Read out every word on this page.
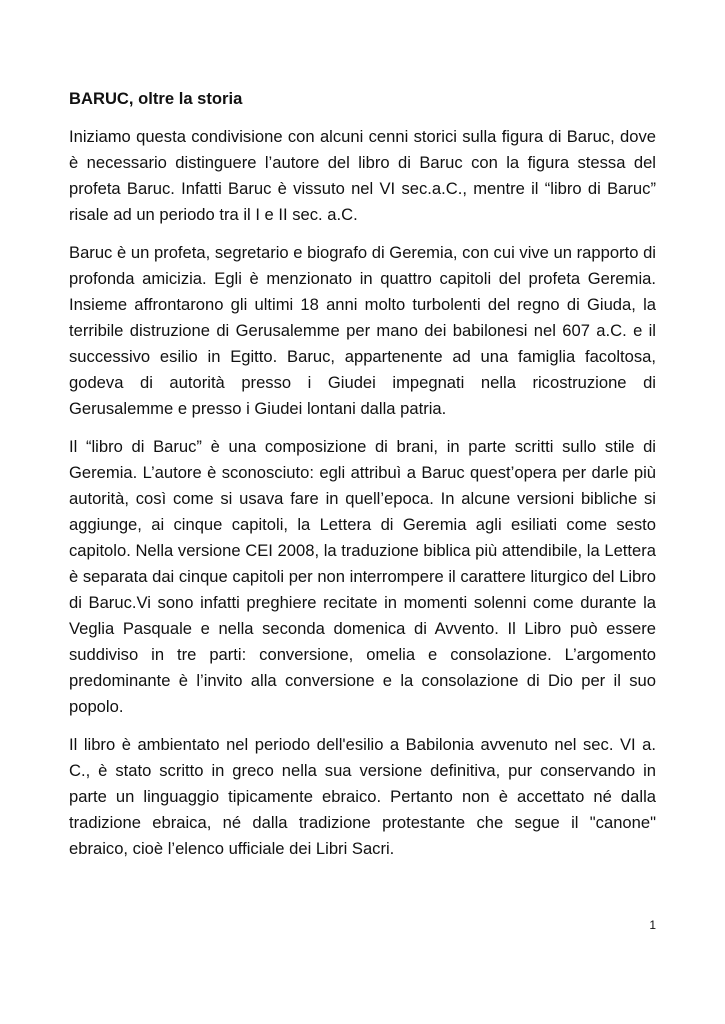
BARUC, oltre la storia

Iniziamo questa condivisione con alcuni cenni storici sulla figura di Baruc, dove è necessario distinguere l’autore del libro di Baruc con la figura stessa del profeta Baruc. Infatti Baruc è vissuto nel VI sec.a.C., mentre il “libro di Baruc” risale ad un periodo tra il I e II sec. a.C.

Baruc è un profeta, segretario e biografo di Geremia, con cui vive un rapporto di profonda amicizia. Egli è menzionato in quattro capitoli del profeta Geremia. Insieme affrontarono gli ultimi 18 anni molto turbolenti del regno di Giuda, la terribile distruzione di Gerusalemme per mano dei babilonesi nel 607 a.C. e il successivo esilio in Egitto. Baruc, appartenente ad una famiglia facoltosa, godeva di autorità presso i Giudei impegnati nella ricostruzione di Gerusalemme e presso i Giudei lontani dalla patria.

Il “libro di Baruc” è una composizione di brani, in parte scritti sullo stile di Geremia. L’autore è sconosciuto: egli attribuì a Baruc quest’opera per darle più autorità, così come si usava fare in quell’epoca. In alcune versioni bibliche si aggiunge, ai cinque capitoli, la Lettera di Geremia agli esiliati come sesto capitolo. Nella versione CEI 2008, la traduzione biblica più attendibile, la Lettera è separata dai cinque capitoli per non interrompere il carattere liturgico del Libro di Baruc.Vi sono infatti preghiere recitate in momenti solenni come durante la Veglia Pasquale e nella seconda domenica di Avvento. Il Libro può essere suddiviso in tre parti: conversione, omelia e consolazione. L’argomento predominante è l’invito alla conversione e la consolazione di Dio per il suo popolo.

Il libro è ambientato nel periodo dell'esilio a Babilonia avvenuto nel sec. VI a. C., è stato scritto in greco nella sua versione definitiva, pur conservando in parte un linguaggio tipicamente ebraico. Pertanto non è accettato né dalla tradizione ebraica, né dalla tradizione protestante che segue il "canone" ebraico, cioè l’elenco ufficiale dei Libri Sacri.

1
